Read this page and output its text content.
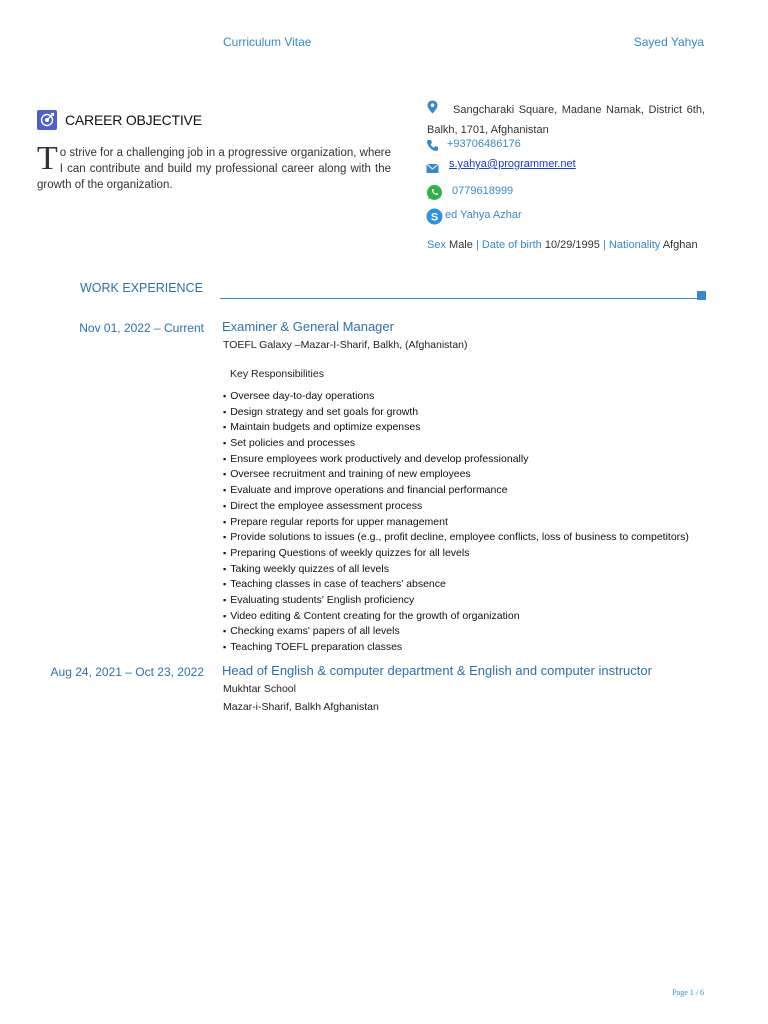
Curriculum Vitae	Sayed Yahya
CAREER OBJECTIVE
To strive for a challenging job in a progressive organization, where I can contribute and build my professional career along with the growth of the organization.
Sangcharaki Square, Madane Namak, District 6th, Balkh, 1701, Afghanistan
+93706486176
s.yahya@programmer.net
0779618999
S ed Yahya Azhar
Sex Male | Date of birth 10/29/1995 | Nationality Afghan
WORK EXPERIENCE
Nov 01, 2022 – Current Examiner & General Manager
TOEFL Galaxy –Mazar-I-Sharif, Balkh, (Afghanistan)
Key Responsibilities
▪ Oversee day-to-day operations
▪ Design strategy and set goals for growth
▪ Maintain budgets and optimize expenses
▪ Set policies and processes
▪ Ensure employees work productively and develop professionally
▪ Oversee recruitment and training of new employees
▪ Evaluate and improve operations and financial performance
▪ Direct the employee assessment process
▪ Prepare regular reports for upper management
▪ Provide solutions to issues (e.g., profit decline, employee conflicts, loss of business to competitors)
▪ Preparing Questions of weekly quizzes for all levels
▪ Taking weekly quizzes of all levels
▪ Teaching classes in case of teachers' absence
▪ Evaluating students' English proficiency
▪ Video editing & Content creating for the growth of organization
▪ Checking exams' papers of all levels
▪ Teaching TOEFL preparation classes
Aug 24, 2021 – Oct 23, 2022 Head of English & computer department & English and computer instructor
Mukhtar School
Mazar-i-Sharif, Balkh Afghanistan
Page 1 / 6
